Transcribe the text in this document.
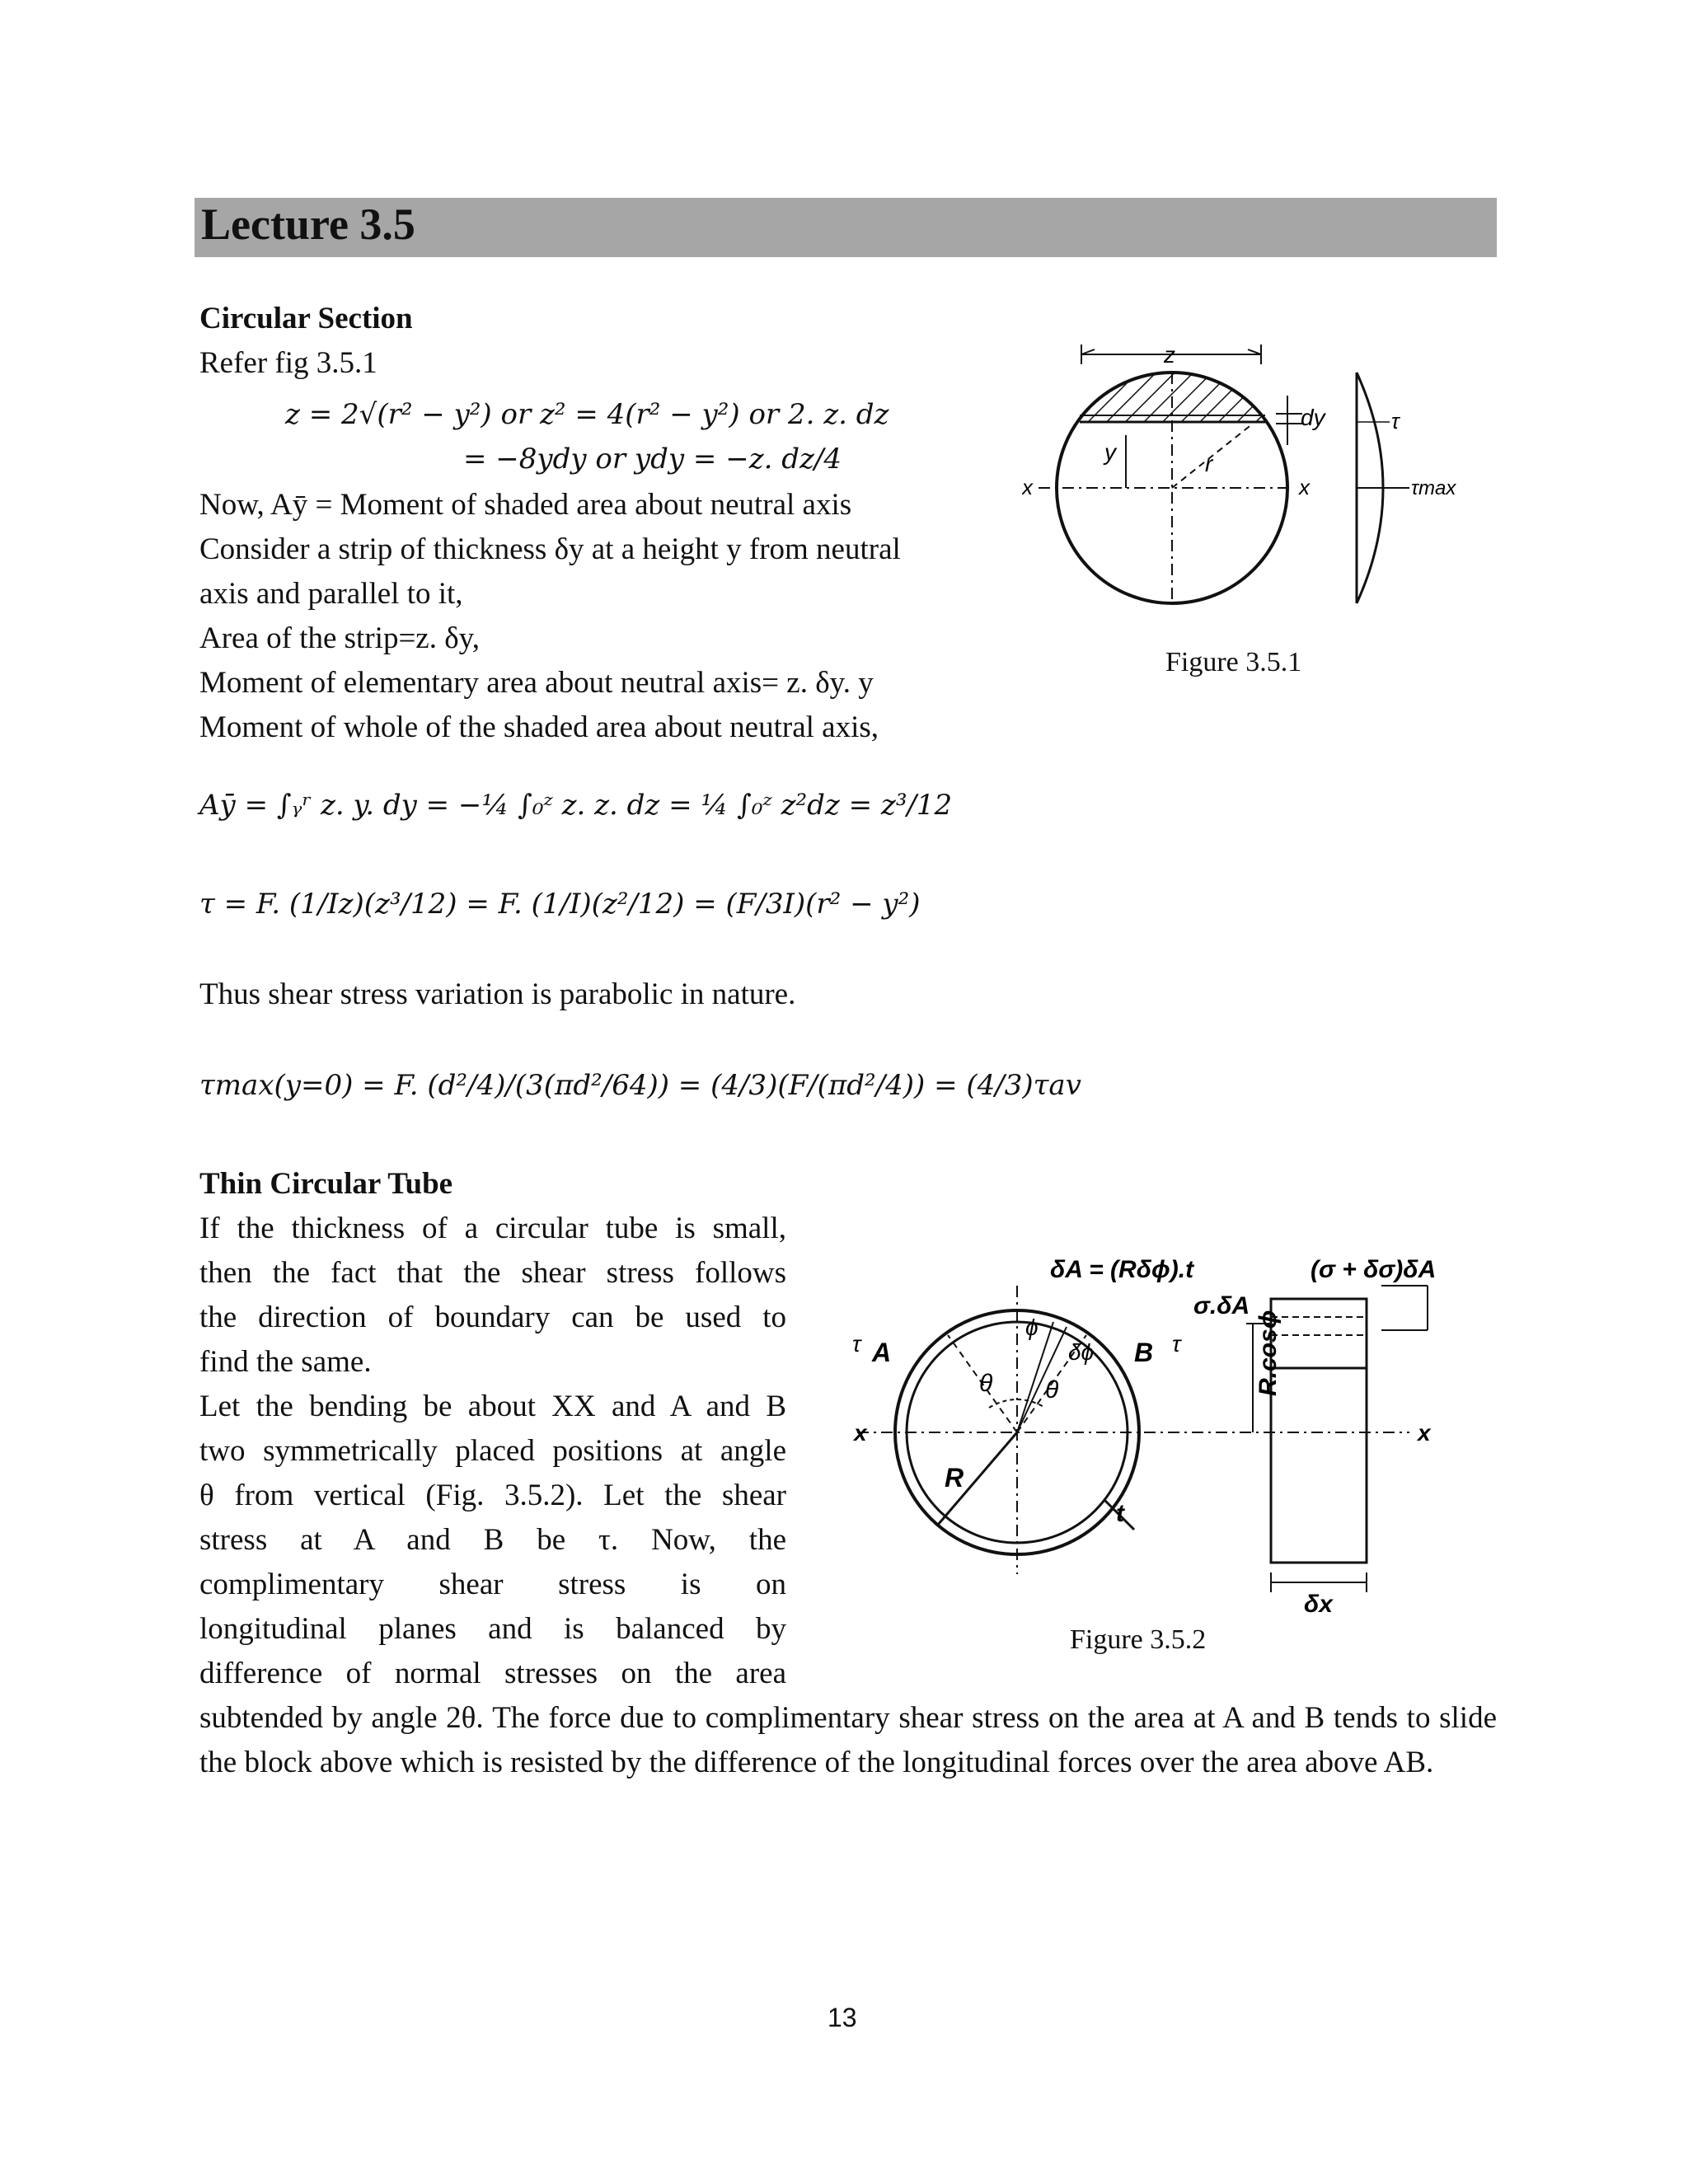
Lecture 3.5
Circular Section
Refer fig 3.5.1
z = 2√(r² − y²) or z² = 4(r² − y²) or 2. z. dz
= −8ydy or ydy = −z. dz/4
Now, Aȳ = Moment of shaded area about neutral axis
Consider a strip of thickness δy at a height y from neutral
axis and parallel to it,
Area of the strip=z. δy,
Moment of elementary area about neutral axis= z. δy. y
Moment of whole of the shaded area about neutral axis,
Aȳ = ∫ᵧʳ z. y. dy = −¼ ∫₀ᶻ z. z. dz = ¼ ∫₀ᶻ z²dz = z³/12
τ = F. (1/Iz)(z³/12) = F. (1/I)(z²/12) = (F/3I)(r² − y²)
Thus shear stress variation is parabolic in nature.
τmax(y=0) = F. (d²/4)/(3(πd²/64)) = (4/3)(F/(πd²/4)) = (4/3)τav
z
dy
y	r
x	x
τ
τmax
Figure 3.5.1
Thin Circular Tube
If the thickness of a circular tube is small,
then the fact that the shear stress follows
the direction of boundary can be used to
find the same.
Let the bending be about XX and A and B
two symmetrically placed positions at angle
θ from vertical (Fig. 3.5.2). Let the shear
stress at A and B be τ. Now, the
complimentary shear stress is on
longitudinal planes and is balanced by
difference of normal stresses on the area
subtended by angle 2θ. The force due to complimentary shear stress on the area at A and B tends to slide the block above which is resisted by the difference of the longitudinal forces over the area above AB.
δA = (Rδϕ).t	(σ + δσ)δA
σ.δA
ϕ
δϕ
θ θ
A
τ	B τ
x	x
R
t
R.cosϕ
δx
Figure 3.5.2
13
